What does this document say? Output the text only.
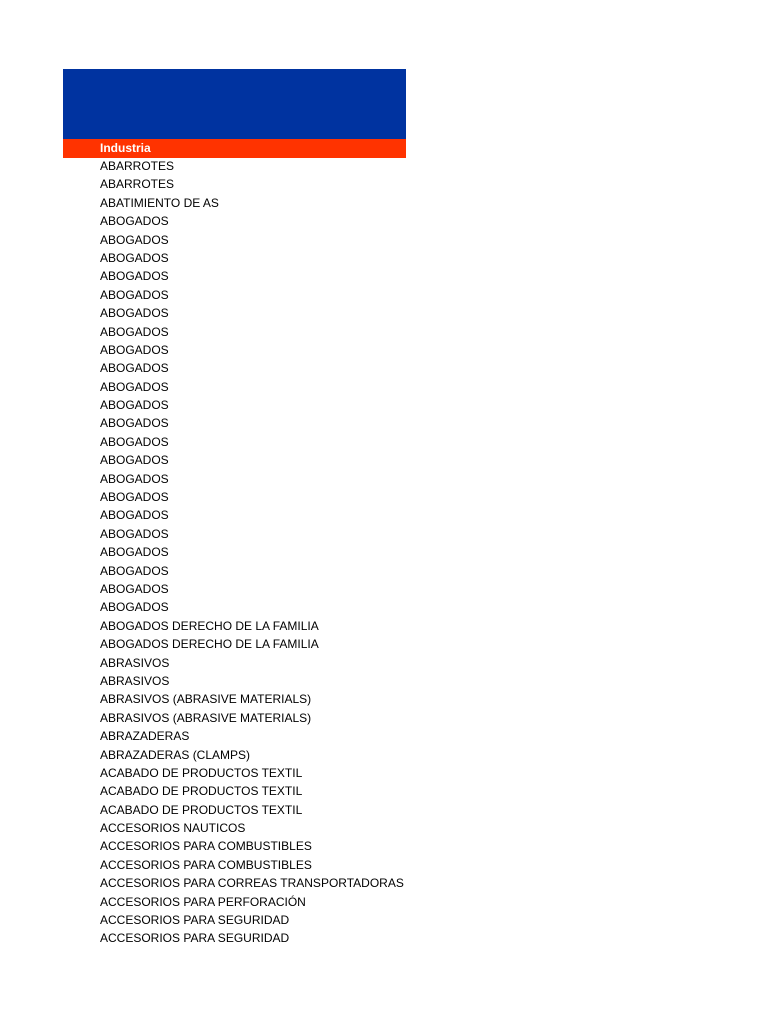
Industria
ABARROTES
ABARROTES
ABATIMIENTO DE AS
ABOGADOS
ABOGADOS
ABOGADOS
ABOGADOS
ABOGADOS
ABOGADOS
ABOGADOS
ABOGADOS
ABOGADOS
ABOGADOS
ABOGADOS
ABOGADOS
ABOGADOS
ABOGADOS
ABOGADOS
ABOGADOS
ABOGADOS
ABOGADOS
ABOGADOS
ABOGADOS
ABOGADOS
ABOGADOS
ABOGADOS DERECHO DE LA FAMILIA
ABOGADOS DERECHO DE LA FAMILIA
ABRASIVOS
ABRASIVOS
ABRASIVOS (ABRASIVE MATERIALS)
ABRASIVOS (ABRASIVE MATERIALS)
ABRAZADERAS
ABRAZADERAS (CLAMPS)
ACABADO DE PRODUCTOS TEXTIL
ACABADO DE PRODUCTOS TEXTIL
ACABADO DE PRODUCTOS TEXTIL
ACCESORIOS NAUTICOS
ACCESORIOS PARA COMBUSTIBLES
ACCESORIOS PARA COMBUSTIBLES
ACCESORIOS PARA CORREAS TRANSPORTADORAS
ACCESORIOS PARA PERFORACIÓN
ACCESORIOS PARA SEGURIDAD
ACCESORIOS PARA SEGURIDAD
